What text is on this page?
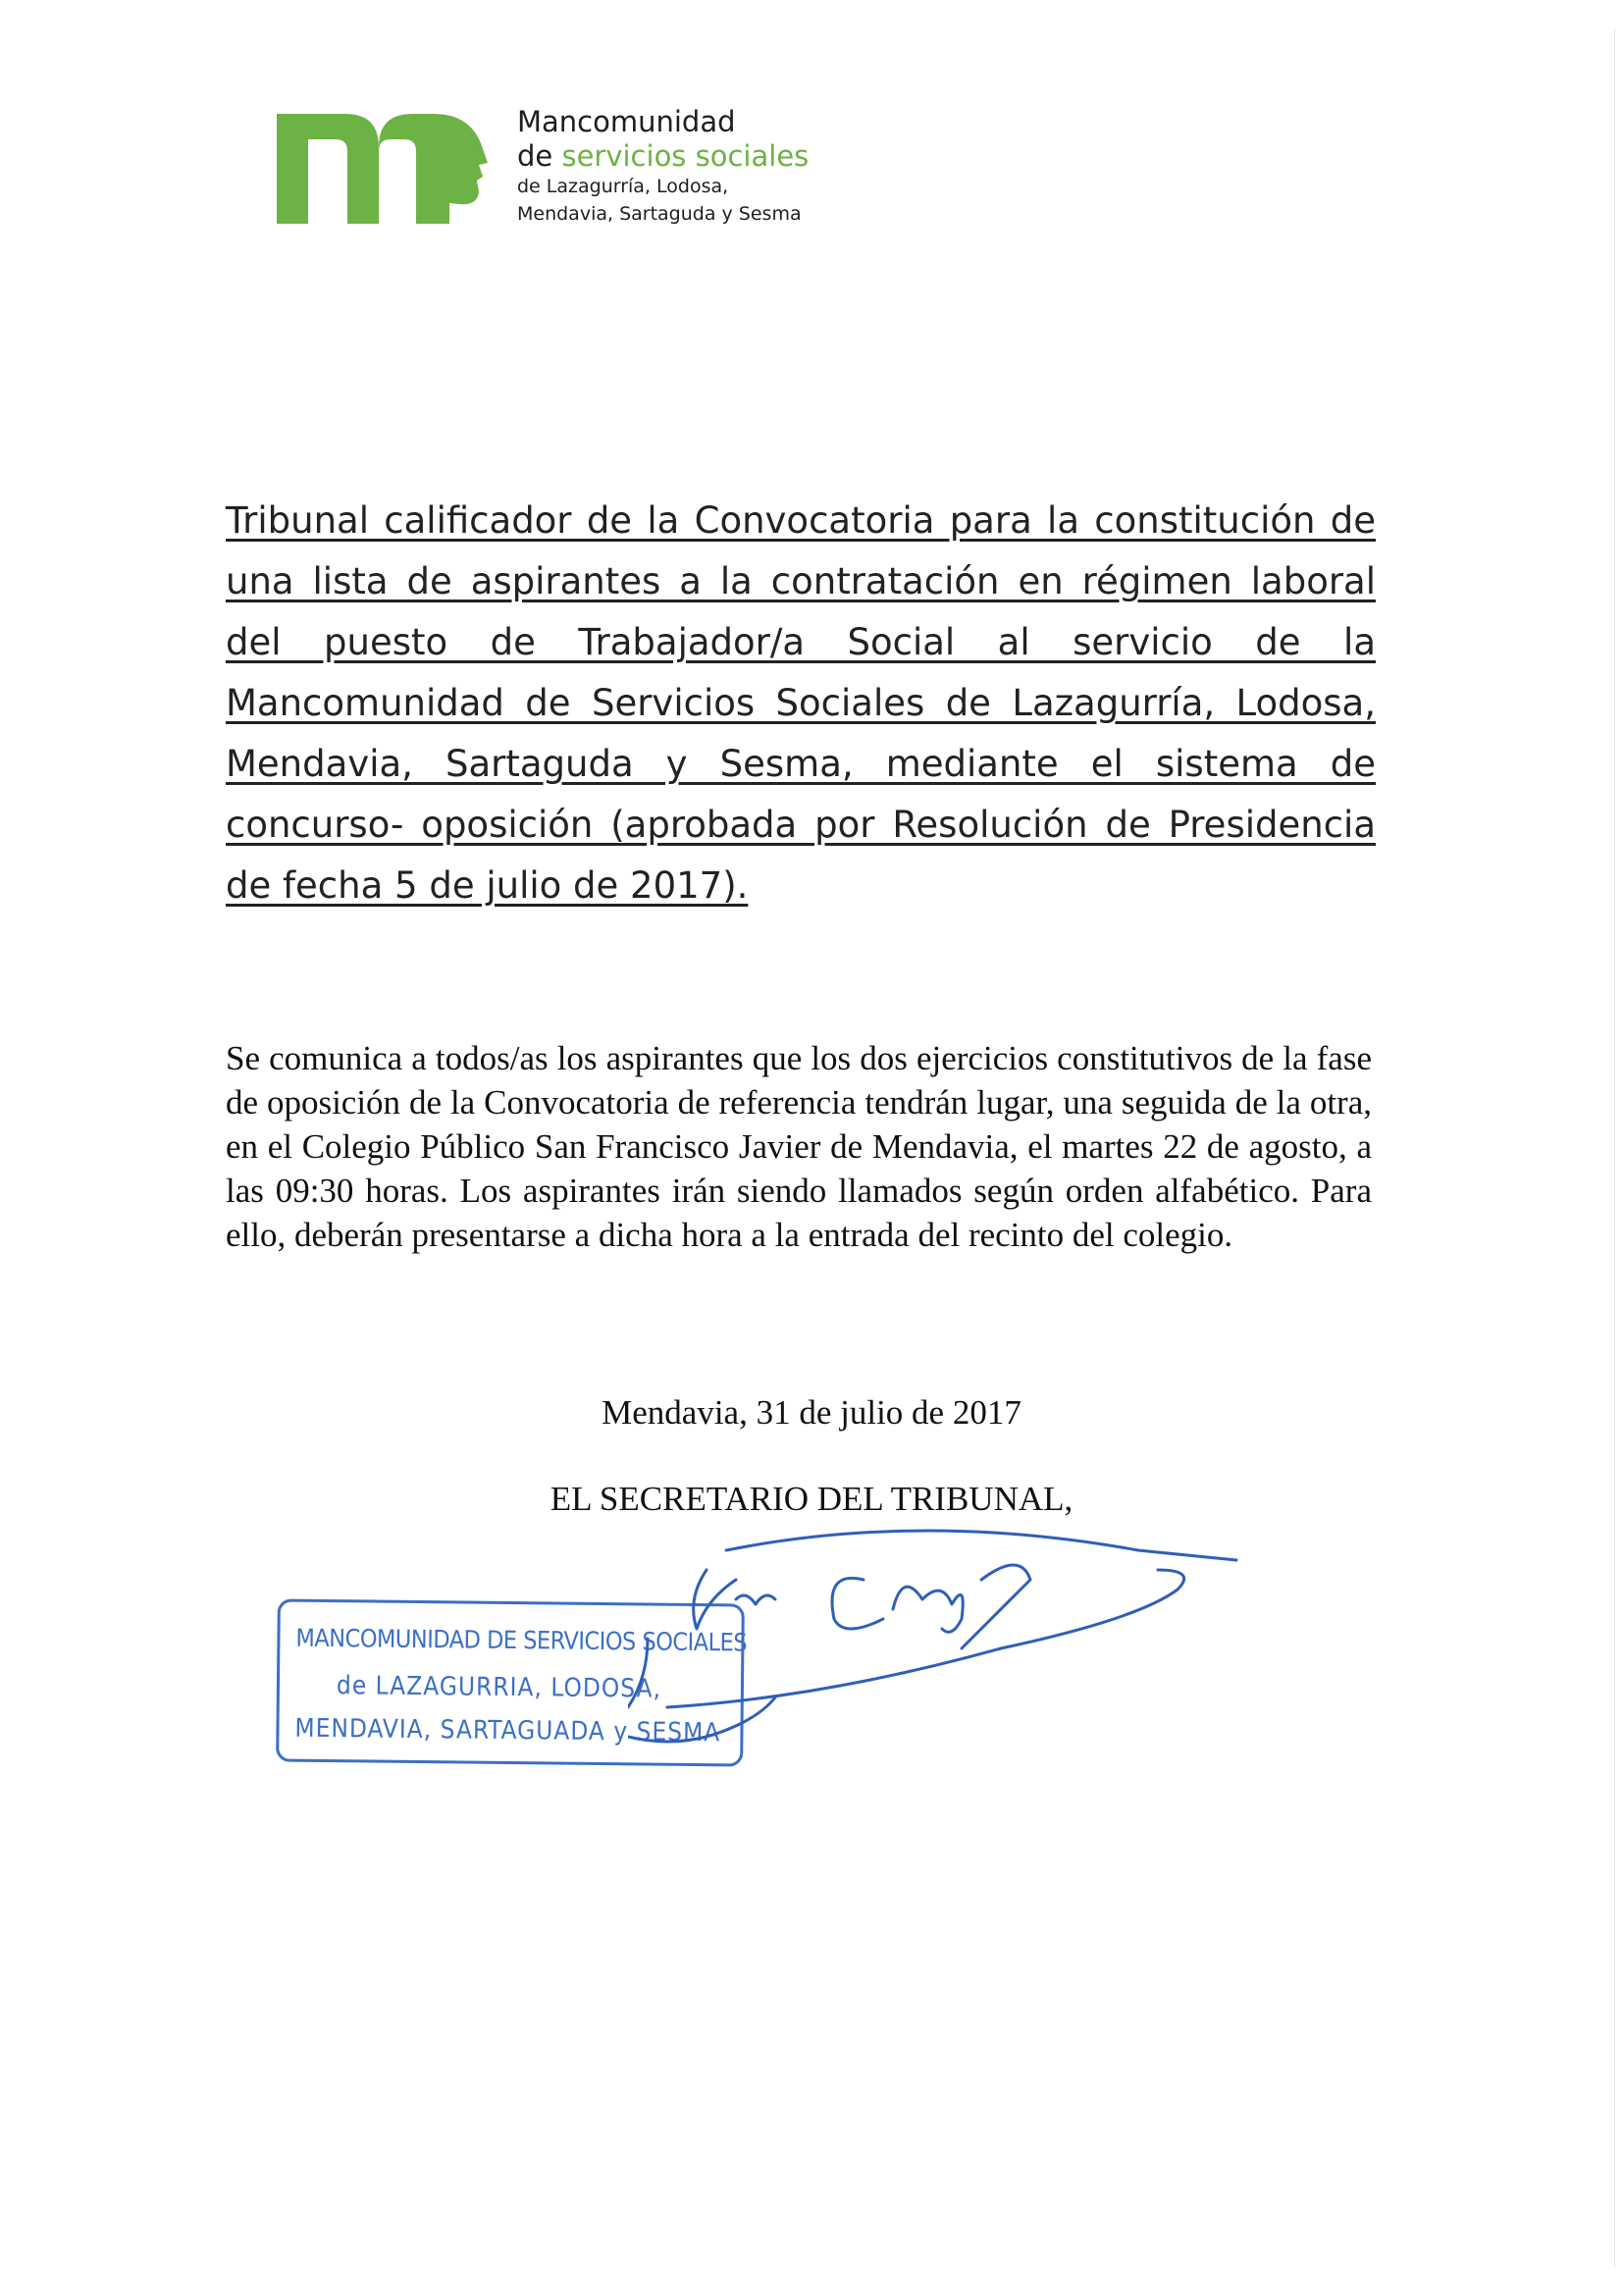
Mancomunidad
de servicios sociales
de Lazagurría, Lodosa,
Mendavia, Sartaguda y Sesma
Tribunal calificador de la Convocatoria para la constitución de una lista de aspirantes a la contratación en régimen laboral del puesto de Trabajador/a Social al servicio de la Mancomunidad de Servicios Sociales de Lazagurría, Lodosa, Mendavia, Sartaguda y Sesma, mediante el sistema de concurso- oposición (aprobada por Resolución de Presidencia de fecha 5 de julio de 2017).
Se comunica a todos/as los aspirantes que los dos ejercicios constitutivos de la fase de oposición de la Convocatoria de referencia tendrán lugar, una seguida de la otra, en el Colegio Público San Francisco Javier de Mendavia, el martes 22 de agosto, a las 09:30 horas. Los aspirantes irán siendo llamados según orden alfabético. Para ello, deberán presentarse a dicha hora a la entrada del recinto del colegio.
Mendavia, 31 de julio de 2017
EL SECRETARIO DEL TRIBUNAL,
MANCOMUNIDAD DE SERVICIOS SOCIALES
de LAZAGURRIA, LODOSA,
MENDAVIA, SARTAGUADA y SESMA
